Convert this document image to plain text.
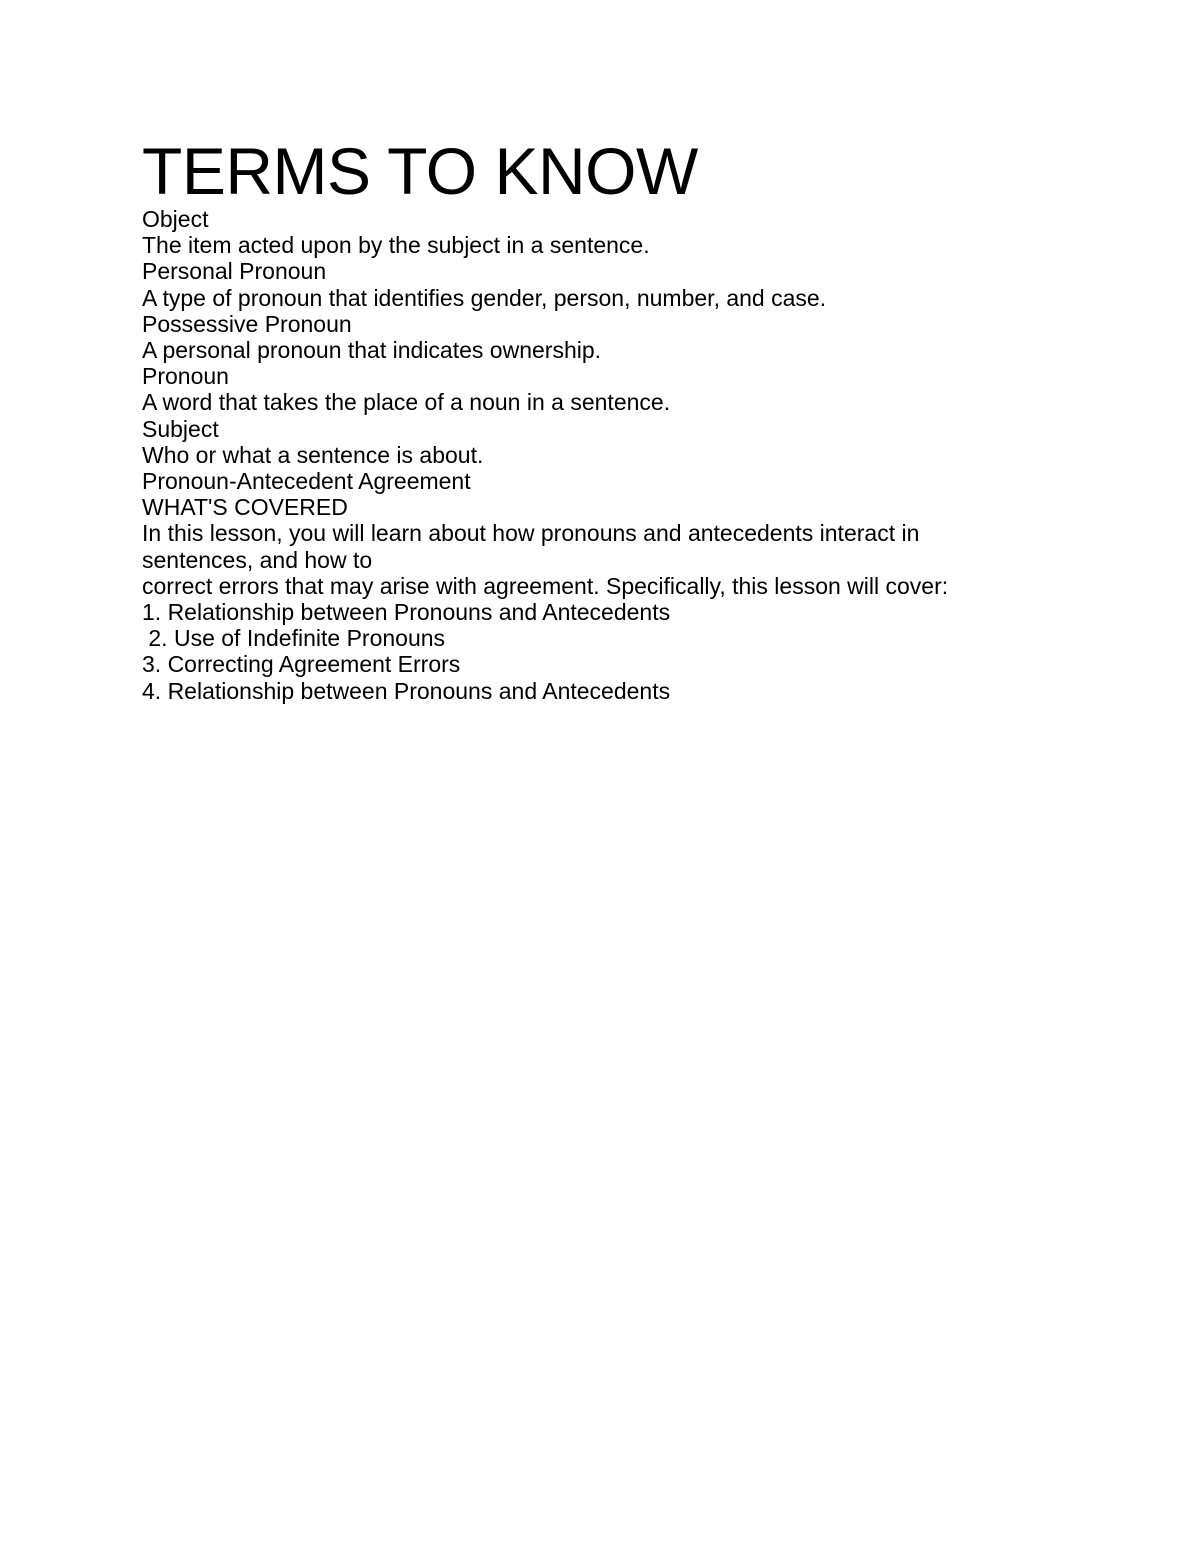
TERMS TO KNOW

Object

The item acted upon by the subject in a sentence.

Personal Pronoun

A type of pronoun that identifies gender, person, number, and case.

Possessive Pronoun

A personal pronoun that indicates ownership.

Pronoun

A word that takes the place of a noun in a sentence.

Subject

Who or what a sentence is about.

Pronoun-Antecedent Agreement

WHAT'S COVERED

In this lesson, you will learn about how pronouns and antecedents interact in

sentences, and how to

correct errors that may arise with agreement. Specifically, this lesson will cover:

1. Relationship between Pronouns and Antecedents

2. Use of Indefinite Pronouns

3. Correcting Agreement Errors

4. Relationship between Pronouns and Antecedents
